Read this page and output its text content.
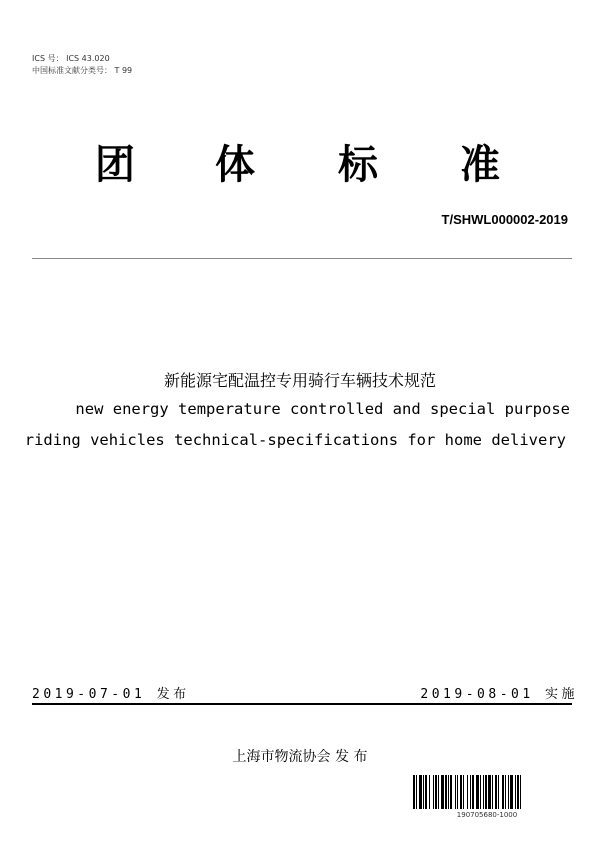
ICS 号： ICS 43.020
中国标准文献分类号： T 99
团 体 标 准
T/SHWL000002-2019
新能源宅配温控专用骑行车辆技术规范
new energy temperature controlled and special purpose
riding vehicles technical-specifications for home delivery
2019-07-01 发布	2019-08-01 实施
上海市物流协会 发 布
190705680-1000
